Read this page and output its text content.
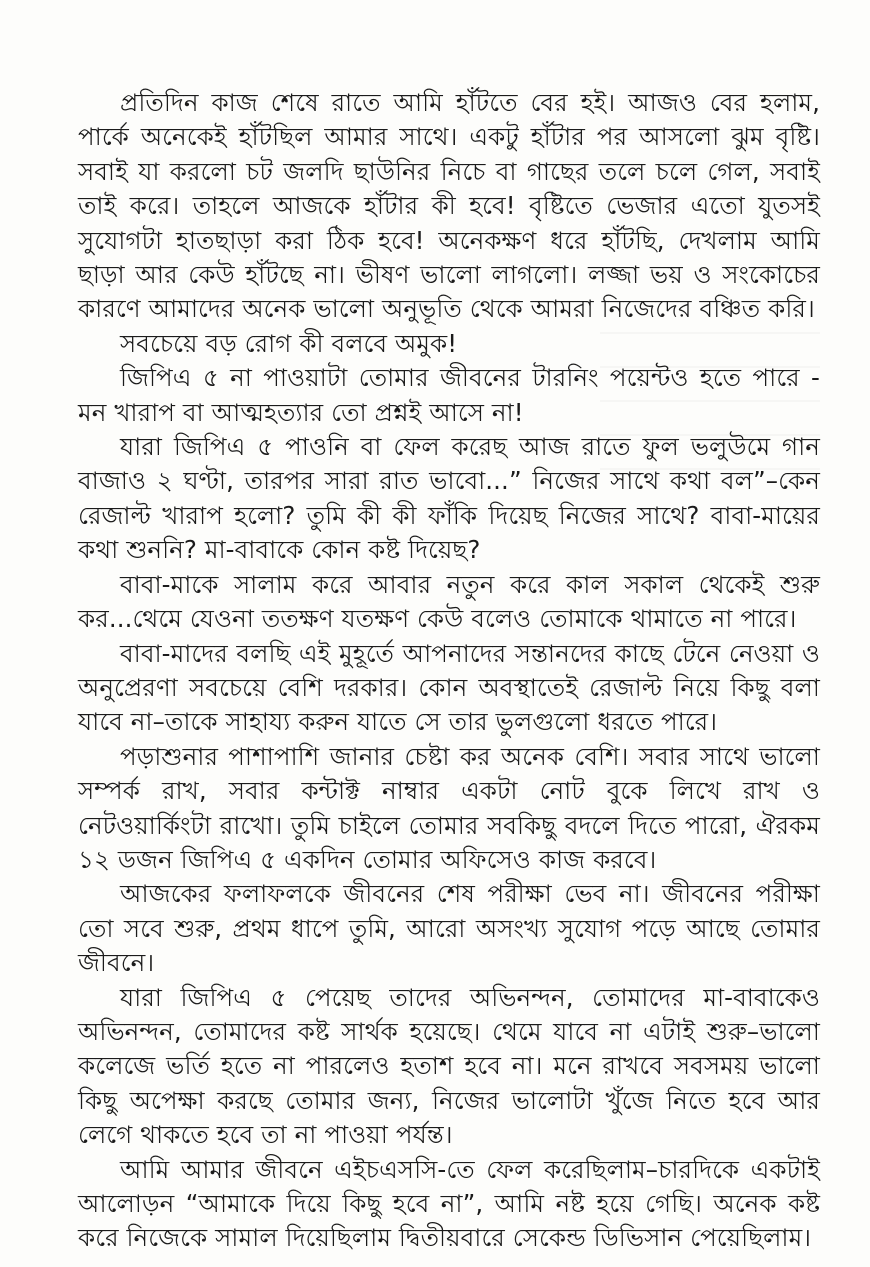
প্রতিদিন কাজ শেষে রাতে আমি হাঁটতে বের হই। আজও বের হলাম, পার্কে অনেকেই হাঁটছিল আমার সাথে। একটু হাঁটার পর আসলো ঝুম বৃষ্টি। সবাই যা করলো চট জলদি ছাউনির নিচে বা গাছের তলে চলে গেল, সবাই তাই করে। তাহলে আজকে হাঁটার কী হবে! বৃষ্টিতে ভেজার এতো যুতসই সুযোগটা হাতছাড়া করা ঠিক হবে! অনেকক্ষণ ধরে হাঁটছি, দেখলাম আমি ছাড়া আর কেউ হাঁটছে না। ভীষণ ভালো লাগলো। লজ্জা ভয় ও সংকোচের কারণে আমাদের অনেক ভালো অনুভূতি থেকে আমরা নিজেদের বঞ্চিত করি।

সবচেয়ে বড় রোগ কী বলবে অমুক!

জিপিএ ৫ না পাওয়াটা তোমার জীবনের টারনিং পয়েন্টও হতে পারে - মন খারাপ বা আত্মহত্যার তো প্রশ্নই আসে না!

যারা জিপিএ ৫ পাওনি বা ফেল করেছ আজ রাতে ফুল ভলুউমে গান বাজাও ২ ঘণ্টা, তারপর সারা রাত ভাবো...” নিজের সাথে কথা বল”–কেন রেজাল্ট খারাপ হলো? তুমি কী কী ফাঁকি দিয়েছ নিজের সাথে? বাবা-মায়ের কথা শুননি? মা-বাবাকে কোন কষ্ট দিয়েছ?

বাবা-মাকে সালাম করে আবার নতুন করে কাল সকাল থেকেই শুরু কর...থেমে যেওনা ততক্ষণ যতক্ষণ কেউ বলেও তোমাকে থামাতে না পারে।

বাবা-মাদের বলছি এই মুহূর্তে আপনাদের সন্তানদের কাছে টেনে নেওয়া ও অনুপ্রেরণা সবচেয়ে বেশি দরকার। কোন অবস্থাতেই রেজাল্ট নিয়ে কিছু বলা যাবে না–তাকে সাহায্য করুন যাতে সে তার ভুলগুলো ধরতে পারে।

পড়াশুনার পাশাপাশি জানার চেষ্টা কর অনেক বেশি। সবার সাথে ভালো সম্পর্ক রাখ, সবার কন্টাক্ট নাম্বার একটা নোট বুকে লিখে রাখ ও নেটওয়ার্কিংটা রাখো। তুমি চাইলে তোমার সবকিছু বদলে দিতে পারো, ঐরকম ১২ ডজন জিপিএ ৫ একদিন তোমার অফিসেও কাজ করবে।

আজকের ফলাফলকে জীবনের শেষ পরীক্ষা ভেব না। জীবনের পরীক্ষা তো সবে শুরু, প্রথম ধাপে তুমি, আরো অসংখ্য সুযোগ পড়ে আছে তোমার জীবনে।

যারা জিপিএ ৫ পেয়েছ তাদের অভিনন্দন, তোমাদের মা-বাবাকেও অভিনন্দন, তোমাদের কষ্ট সার্থক হয়েছে। থেমে যাবে না এটাই শুরু–ভালো কলেজে ভর্তি হতে না পারলেও হতাশ হবে না। মনে রাখবে সবসময় ভালো কিছু অপেক্ষা করছে তোমার জন্য, নিজের ভালোটা খুঁজে নিতে হবে আর লেগে থাকতে হবে তা না পাওয়া পর্যন্ত।

আমি আমার জীবনে এইচএসসি-তে ফেল করেছিলাম–চারদিকে একটাই আলোড়ন “আমাকে দিয়ে কিছু হবে না”, আমি নষ্ট হয়ে গেছি। অনেক কষ্ট করে নিজেকে সামাল দিয়েছিলাম দ্বিতীয়বারে সেকেন্ড ডিভিসান পেয়েছিলাম।
